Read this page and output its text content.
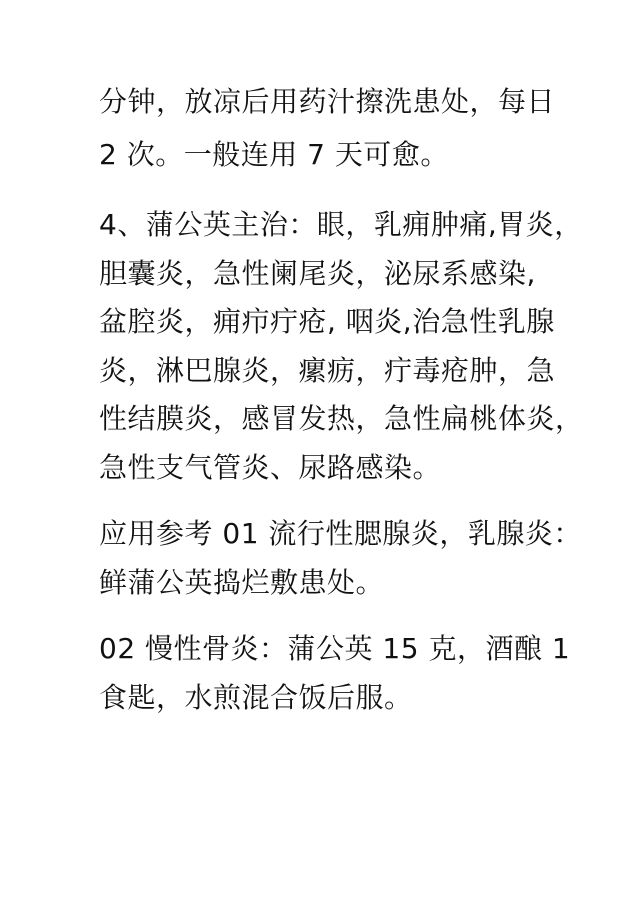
分钟，放凉后用药汁擦洗患处，每日
2 次。一般连用 7 天可愈。
4、蒲公英主治：眼，乳痈肿痛,胃炎，
胆囊炎，急性阑尾炎，泌尿系感染,
盆腔炎，痈疖疔疮, 咽炎,治急性乳腺
炎，淋巴腺炎，瘰疬，疔毒疮肿，急
性结膜炎，感冒发热，急性扁桃体炎，
急性支气管炎、尿路感染。
应用参考 01 流行性腮腺炎，乳腺炎：
鲜蒲公英捣烂敷患处。
02 慢性骨炎：蒲公英 15 克，酒酿 1
食匙，水煎混合饭后服。
